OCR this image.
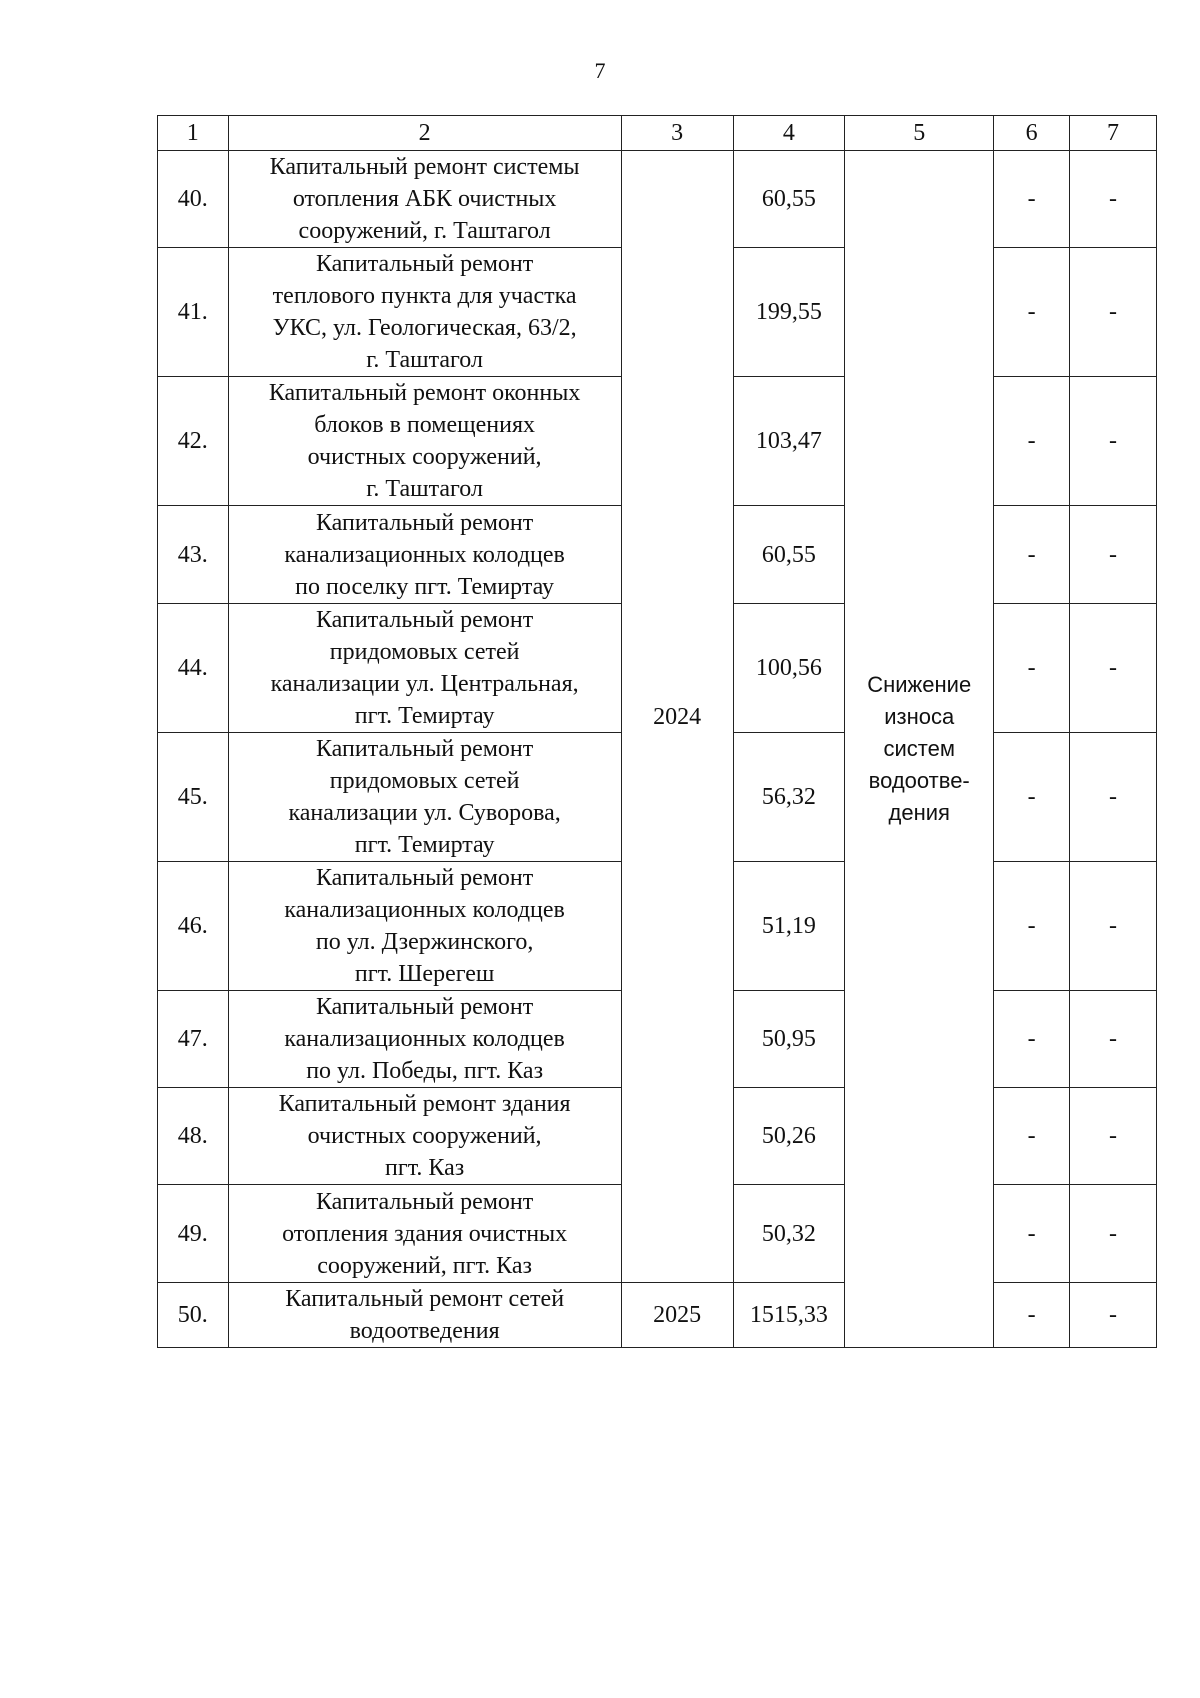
7
1	2	3	4	5	6	7
40.	Капитальный ремонт системы
отопления АБК очистных
сооружений, г. Таштагол	2024	60,55	Снижение
износа
систем
водоотве-
дения	-	-
41.	Капитальный ремонт
теплового пункта для участка
УКС, ул. Геологическая, 63/2,
г. Таштагол		199,55		-	-
42.	Капитальный ремонт оконных
блоков в помещениях
очистных сооружений,
г. Таштагол		103,47		-	-
43.	Капитальный ремонт
канализационных колодцев
по поселку пгт. Темиртау		60,55		-	-
44.	Капитальный ремонт
придомовых сетей
канализации ул. Центральная,
пгт. Темиртау		100,56		-	-
45.	Капитальный ремонт
придомовых сетей
канализации ул. Суворова,
пгт. Темиртау		56,32		-	-
46.	Капитальный ремонт
канализационных колодцев
по ул. Дзержинского,
пгт. Шерегеш		51,19		-	-
47.	Капитальный ремонт
канализационных колодцев
по ул. Победы, пгт. Каз		50,95		-	-
48.	Капитальный ремонт здания
очистных сооружений,
пгт. Каз		50,26		-	-
49.	Капитальный ремонт
отопления здания очистных
сооружений, пгт. Каз		50,32		-	-
50.	Капитальный ремонт сетей
водоотведения	2025	1515,33		-	-
